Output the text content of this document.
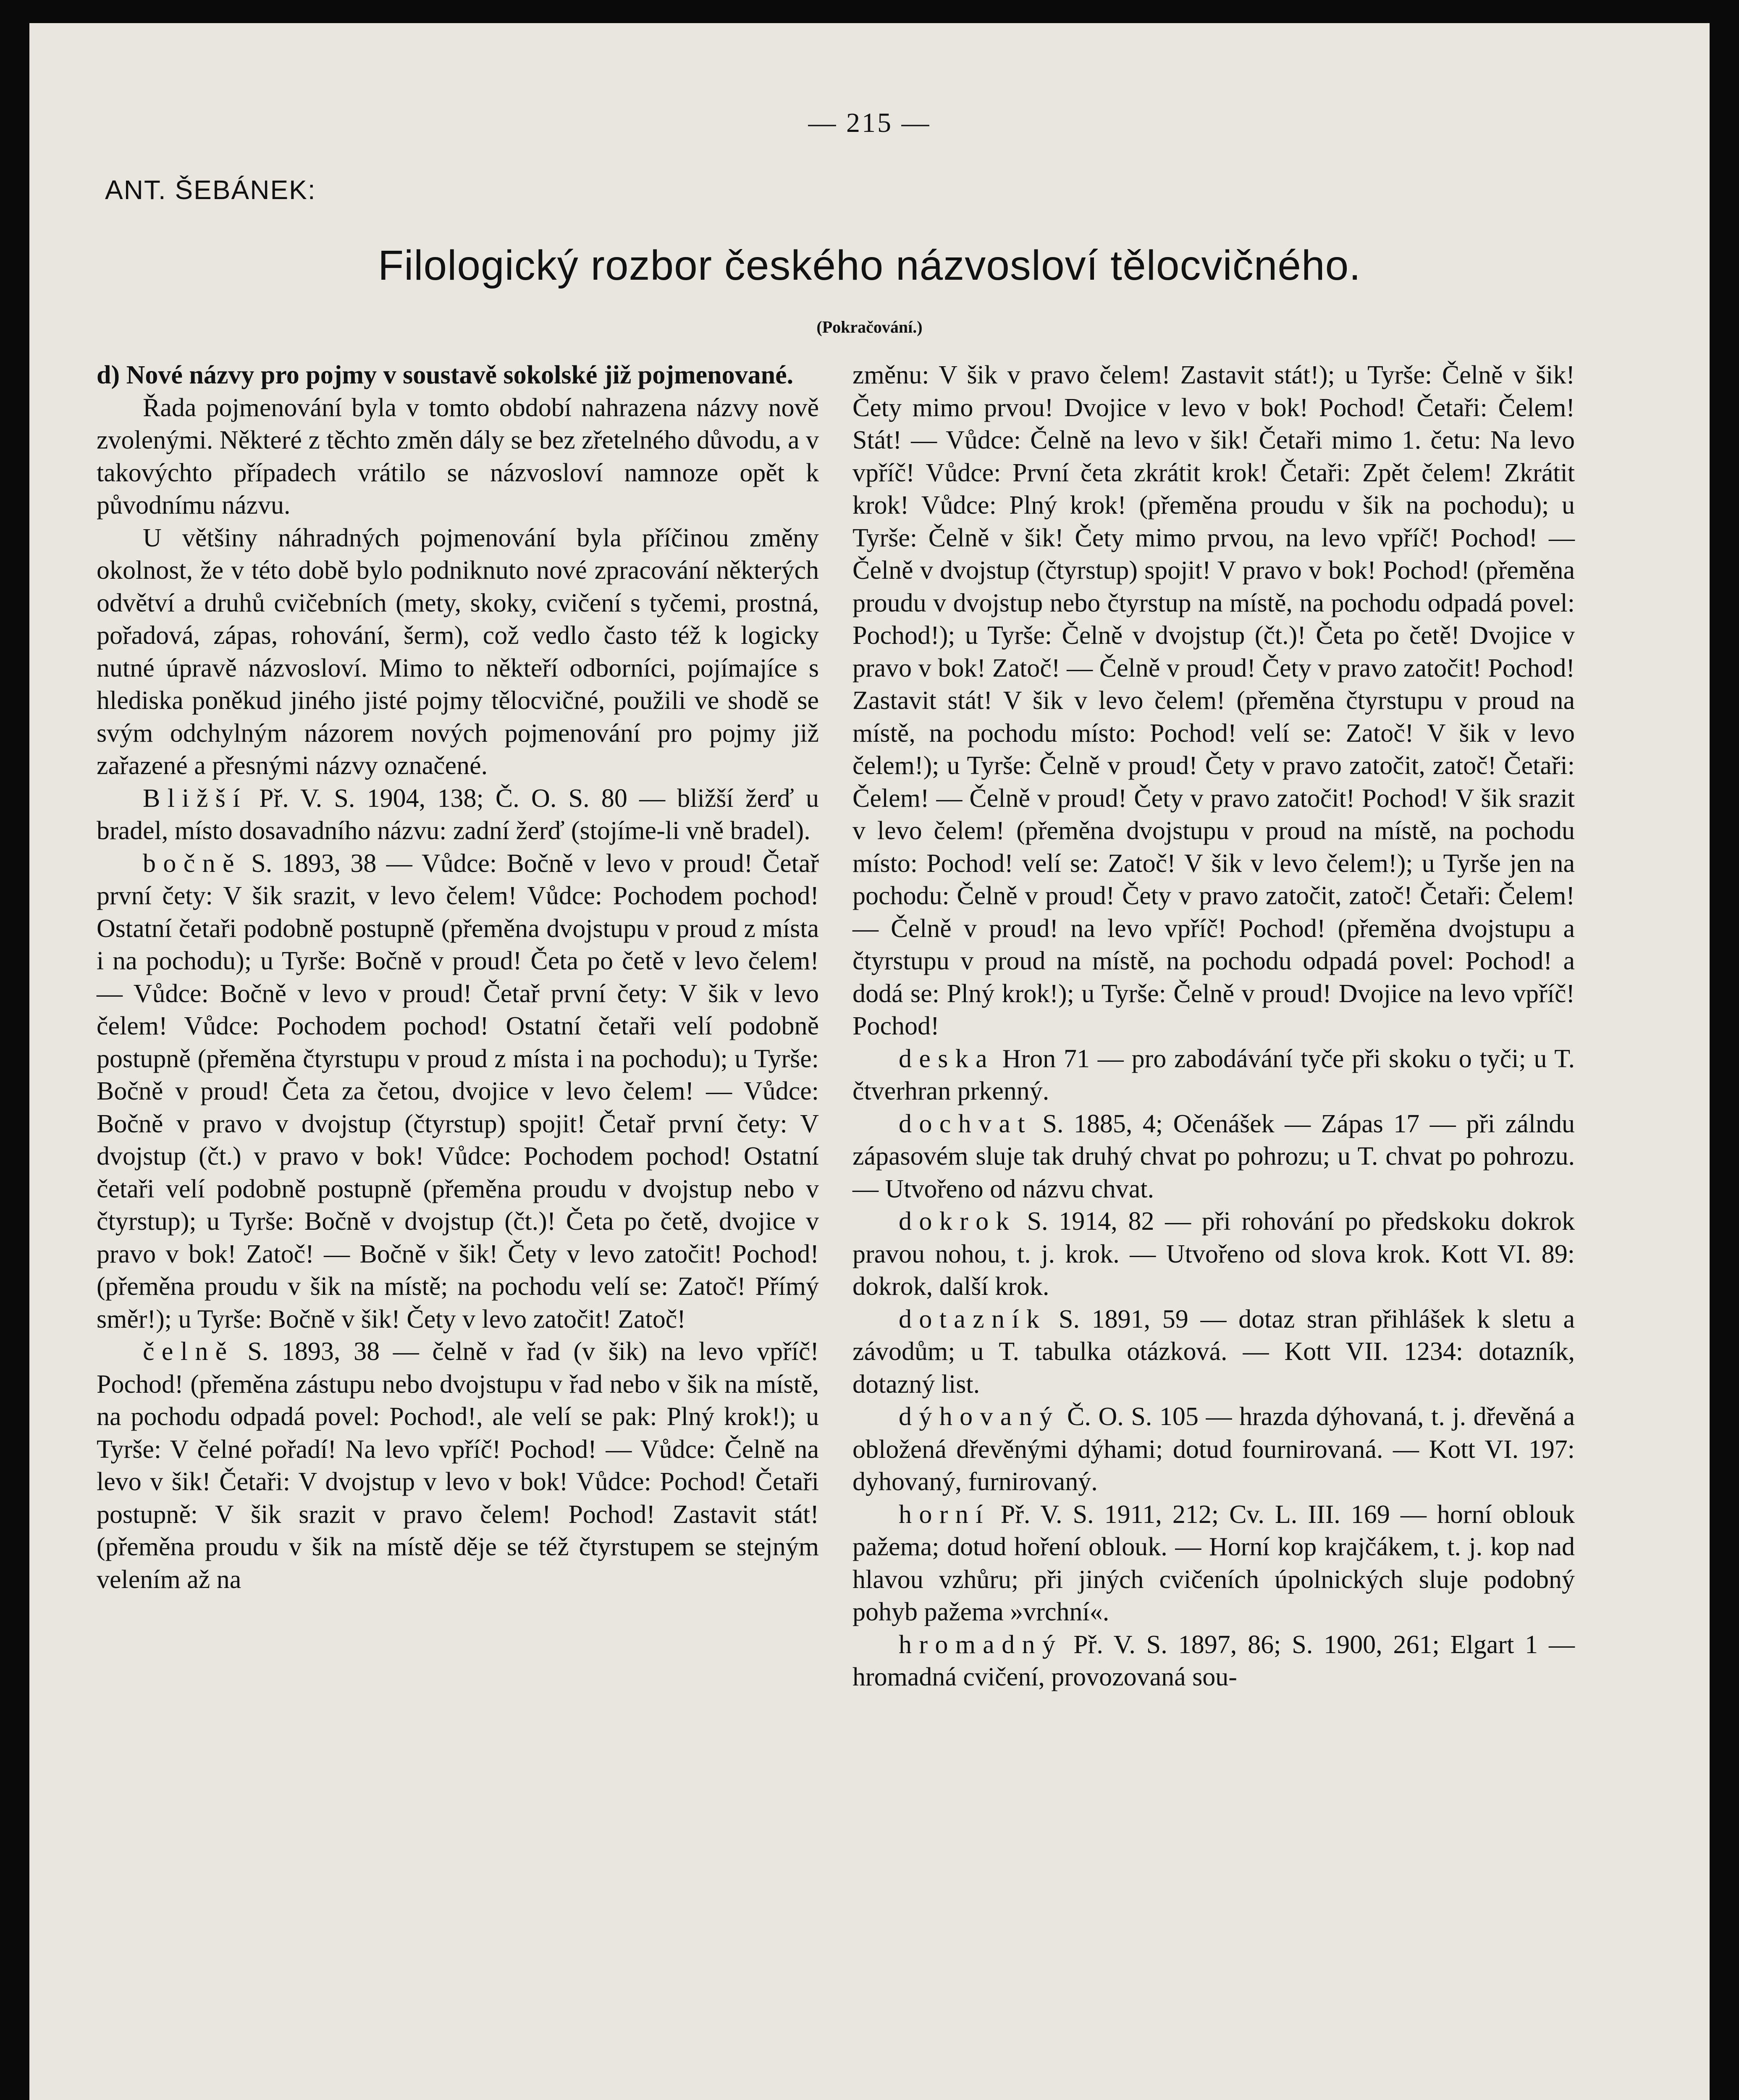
— 215 —
ANT. ŠEBÁNEK:
Filologický rozbor českého názvosloví tělocvičného.
(Pokračování.)

d) Nové názvy pro pojmy v soustavě sokolské již pojmenované.

Řada pojmenování byla v tomto období nahrazena názvy nově zvolenými. Některé z těchto změn dály se bez zřetelného důvodu, a v takovýchto případech vrátilo se názvosloví namnoze opět k původnímu názvu.

U většiny náhradných pojmenování byla příčinou změny okolnost, že v této době bylo podniknuto nové zpracování některých odvětví a druhů cvičebních (mety, skoky, cvičení s tyčemi, prostná, pořadová, zápas, rohování, šerm), což vedlo často též k logicky nutné úpravě názvosloví. Mimo to někteří odborníci, pojímajíce s hlediska poněkud jiného jisté pojmy tělocvičné, použili ve shodě se svým odchylným názorem nových pojmenování pro pojmy již zařazené a přesnými názvy označené.

Bližší Př. V. S. 1904, 138; Č. O. S. 80 — bližší žerď u bradel, místo dosavadního názvu: zadní žerď (stojíme-li vně bradel).

bočně S. 1893, 38 — Vůdce: Bočně v levo v proud! Četař první čety: V šik srazit, v levo čelem! Vůdce: Pochodem pochod! Ostatní četaři podobně postupně (přeměna dvojstupu v proud z místa i na pochodu); u Tyrše: Bočně v proud! Četa po četě v levo čelem! — Vůdce: Bočně v levo v proud! Četař první čety: V šik v levo čelem! Vůdce: Pochodem pochod! Ostatní četaři velí podobně postupně (přeměna čtyrstupu v proud z místa i na pochodu); u Tyrše: Bočně v proud! Četa za četou, dvojice v levo čelem! — Vůdce: Bočně v pravo v dvojstup (čtyrstup) spojit! Četař první čety: V dvojstup (čt.) v pravo v bok! Vůdce: Pochodem pochod! Ostatní četaři velí podobně postupně (přeměna proudu v dvojstup nebo v čtyrstup); u Tyrše: Bočně v dvojstup (čt.)! Četa po četě, dvojice v pravo v bok! Zatoč! — Bočně v šik! Čety v levo zatočit! Pochod! (přeměna proudu v šik na místě; na pochodu velí se: Zatoč! Přímý směr!); u Tyrše: Bočně v šik! Čety v levo zatočit! Zatoč!

čelně S. 1893, 38 — čelně v řad (v šik) na levo vpříč! Pochod! (přeměna zástupu nebo dvojstupu v řad nebo v šik na místě, na pochodu odpadá povel: Pochod!, ale velí se pak: Plný krok!); u Tyrše: V čelné pořadí! Na levo vpříč! Pochod! — Vůdce: Čelně na levo v šik! Četaři: V dvojstup v levo v bok! Vůdce: Pochod! Četaři postupně: V šik srazit v pravo čelem! Pochod! Zastavit stát! (přeměna proudu v šik na místě děje se též čtyrstupem se stejným velením až na

změnu: V šik v pravo čelem! Zastavit stát!); u Tyrše: Čelně v šik! Čety mimo prvou! Dvojice v levo v bok! Pochod! Četaři: Čelem! Stát! — Vůdce: Čelně na levo v šik! Četaři mimo 1. četu: Na levo vpříč! Vůdce: První četa zkrátit krok! Četaři: Zpět čelem! Zkrátit krok! Vůdce: Plný krok! (přeměna proudu v šik na pochodu); u Tyrše: Čelně v šik! Čety mimo prvou, na levo vpříč! Pochod! — Čelně v dvojstup (čtyrstup) spojit! V pravo v bok! Pochod! (přeměna proudu v dvojstup nebo čtyrstup na místě, na pochodu odpadá povel: Pochod!); u Tyrše: Čelně v dvojstup (čt.)! Četa po četě! Dvojice v pravo v bok! Zatoč! — Čelně v proud! Čety v pravo zatočit! Pochod! Zastavit stát! V šik v levo čelem! (přeměna čtyrstupu v proud na místě, na pochodu místo: Pochod! velí se: Zatoč! V šik v levo čelem!); u Tyrše: Čelně v proud! Čety v pravo zatočit, zatoč! Četaři: Čelem! — Čelně v proud! Čety v pravo zatočit! Pochod! V šik srazit v levo čelem! (přeměna dvojstupu v proud na místě, na pochodu místo: Pochod! velí se: Zatoč! V šik v levo čelem!); u Tyrše jen na pochodu: Čelně v proud! Čety v pravo zatočit, zatoč! Četaři: Čelem! — Čelně v proud! na levo vpříč! Pochod! (přeměna dvojstupu a čtyrstupu v proud na místě, na pochodu odpadá povel: Pochod! a dodá se: Plný krok!); u Tyrše: Čelně v proud! Dvojice na levo vpříč! Pochod!

deska Hron 71 — pro zabodávání tyče při skoku o tyči; u T. čtverhran prkenný.

dochvat S. 1885, 4; Očenášek — Zápas 17 — při zálndu zápasovém sluje tak druhý chvat po pohrozu; u T. chvat po pohrozu. — Utvořeno od názvu chvat.

dokrok S. 1914, 82 — při rohování po předskoku dokrok pravou nohou, t. j. krok. — Utvořeno od slova krok. Kott VI. 89: dokrok, další krok.

dotazník S. 1891, 59 — dotaz stran přihlášek k sletu a závodům; u T. tabulka otázková. — Kott VII. 1234: dotazník, dotazný list.

dýhovaný Č. O. S. 105 — hrazda dýhovaná, t. j. dřevěná a obložená dřevěnými dýhami; dotud fournirovaná. — Kott VI. 197: dyhovaný, furnirovaný.

horní Př. V. S. 1911, 212; Cv. L. III. 169 — horní oblouk pažema; dotud hoření oblouk. — Horní kop krajčákem, t. j. kop nad hlavou vzhůru; při jiných cvičeních úpolnických sluje podobný pohyb pažema »vrchní«.

hromadný Př. V. S. 1897, 86; S. 1900, 261; Elgart 1 — hromadná cvičení, provozovaná sou-
